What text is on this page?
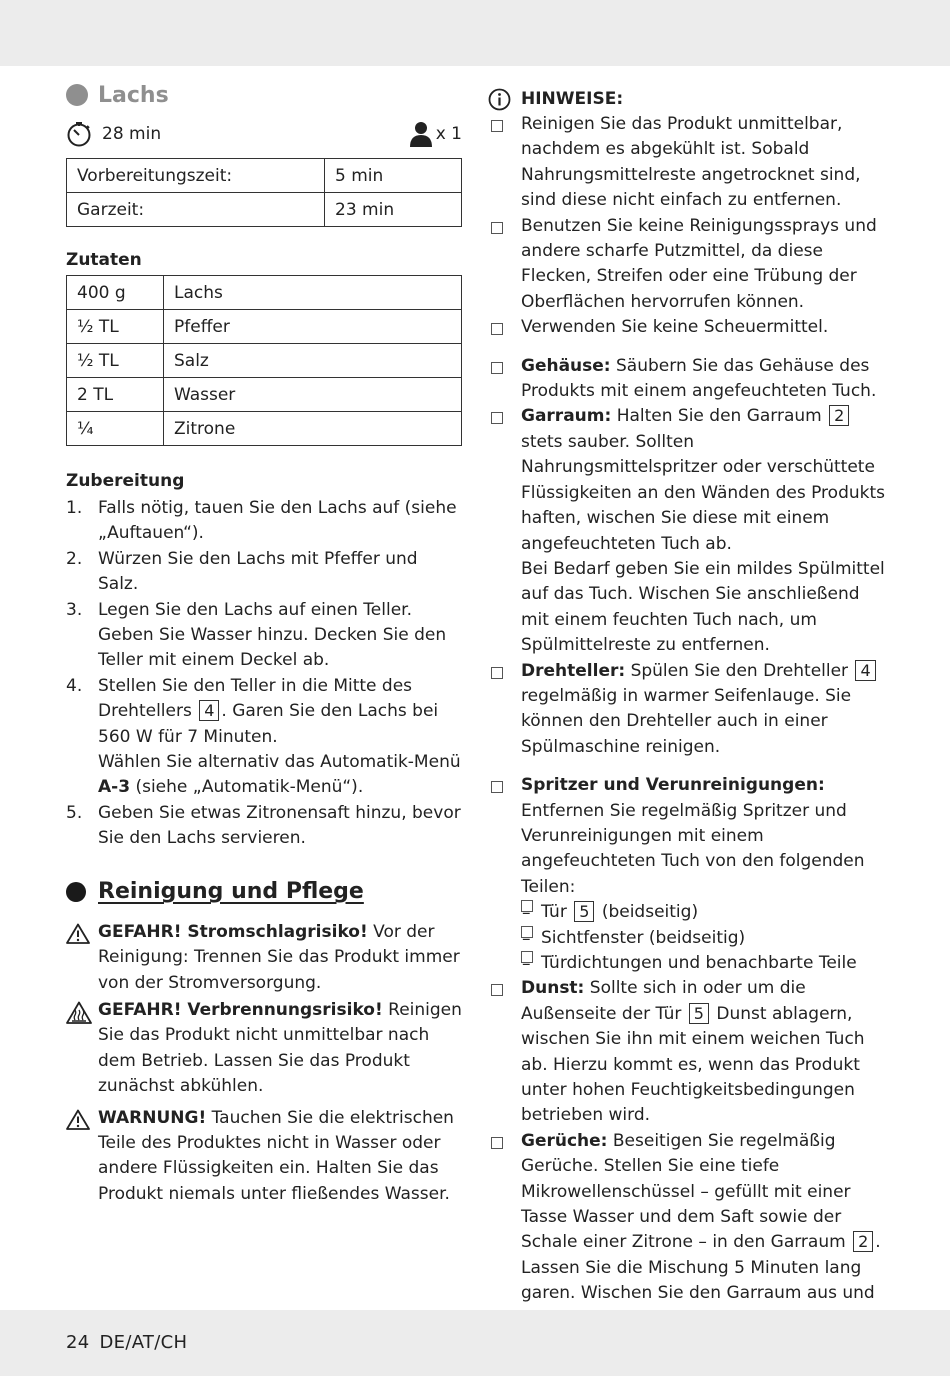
Lachs
28 min	x 1
Vorbereitungszeit:	5 min
Garzeit:	23 min
Zutaten
400 g	Lachs
½ TL	Pfeffer
½ TL	Salz
2 TL	Wasser
¼	Zitrone
Zubereitung
1. Falls nötig, tauen Sie den Lachs auf (siehe „Auftauen“).
2. Würzen Sie den Lachs mit Pfeffer und Salz.
3. Legen Sie den Lachs auf einen Teller. Geben Sie Wasser hinzu. Decken Sie den Teller mit einem Deckel ab.
4. Stellen Sie den Teller in die Mitte des Drehtellers 4 . Garen Sie den Lachs bei 560 W für 7 Minuten.
Wählen Sie alternativ das Automatik-Menü
A-3 (siehe „Automatik-Menü“).
5. Geben Sie etwas Zitronensaft hinzu, bevor Sie den Lachs servieren.
Reinigung und Pflege
GEFAHR! Stromschlagrisiko! Vor der Reinigung: Trennen Sie das Produkt immer von der Stromversorgung.
GEFAHR! Verbrennungsrisiko! Reinigen Sie das Produkt nicht unmittelbar nach dem Betrieb. Lassen Sie das Produkt zunächst abkühlen.
WARNUNG! Tauchen Sie die elektrischen Teile des Produktes nicht in Wasser oder andere Flüssigkeiten ein. Halten Sie das Produkt niemals unter fließendes Wasser.
HINWEISE:
Reinigen Sie das Produkt unmittelbar, nachdem es abgekühlt ist. Sobald Nahrungsmittelreste angetrocknet sind, sind diese nicht einfach zu entfernen.
Benutzen Sie keine Reinigungssprays und andere scharfe Putzmittel, da diese Flecken, Streifen oder eine Trübung der Oberflächen hervorrufen können.
Verwenden Sie keine Scheuermittel.
Gehäuse: Säubern Sie das Gehäuse des Produkts mit einem angefeuchteten Tuch.
Garraum: Halten Sie den Garraum 2 stets sauber. Sollten Nahrungsmittelspritzer oder verschüttete Flüssigkeiten an den Wänden des Produkts haften, wischen Sie diese mit einem angefeuchteten Tuch ab.
Bei Bedarf geben Sie ein mildes Spülmittel auf das Tuch. Wischen Sie anschließend mit einem feuchten Tuch nach, um Spülmittelreste zu entfernen.
Drehteller: Spülen Sie den Drehteller 4 regelmäßig in warmer Seifenlauge. Sie können den Drehteller auch in einer Spülmaschine reinigen.
Spritzer und Verunreinigungen:
Entfernen Sie regelmäßig Spritzer und Verunreinigungen mit einem angefeuchteten Tuch von den folgenden Teilen:
– Tür 5 (beidseitig)
– Sichtfenster (beidseitig)
– Türdichtungen und benachbarte Teile
Dunst: Sollte sich in oder um die Außenseite der Tür 5 Dunst ablagern, wischen Sie ihn mit einem weichen Tuch ab. Hierzu kommt es, wenn das Produkt unter hohen Feuchtigkeitsbedingungen betrieben wird.
Gerüche: Beseitigen Sie regelmäßig Gerüche. Stellen Sie eine tiefe Mikrowellenschüssel – gefüllt mit einer Tasse Wasser und dem Saft sowie der Schale einer Zitrone – in den Garraum 2 . Lassen Sie die Mischung 5 Minuten lang garen. Wischen Sie den Garraum aus und
24 DE/AT/CH
